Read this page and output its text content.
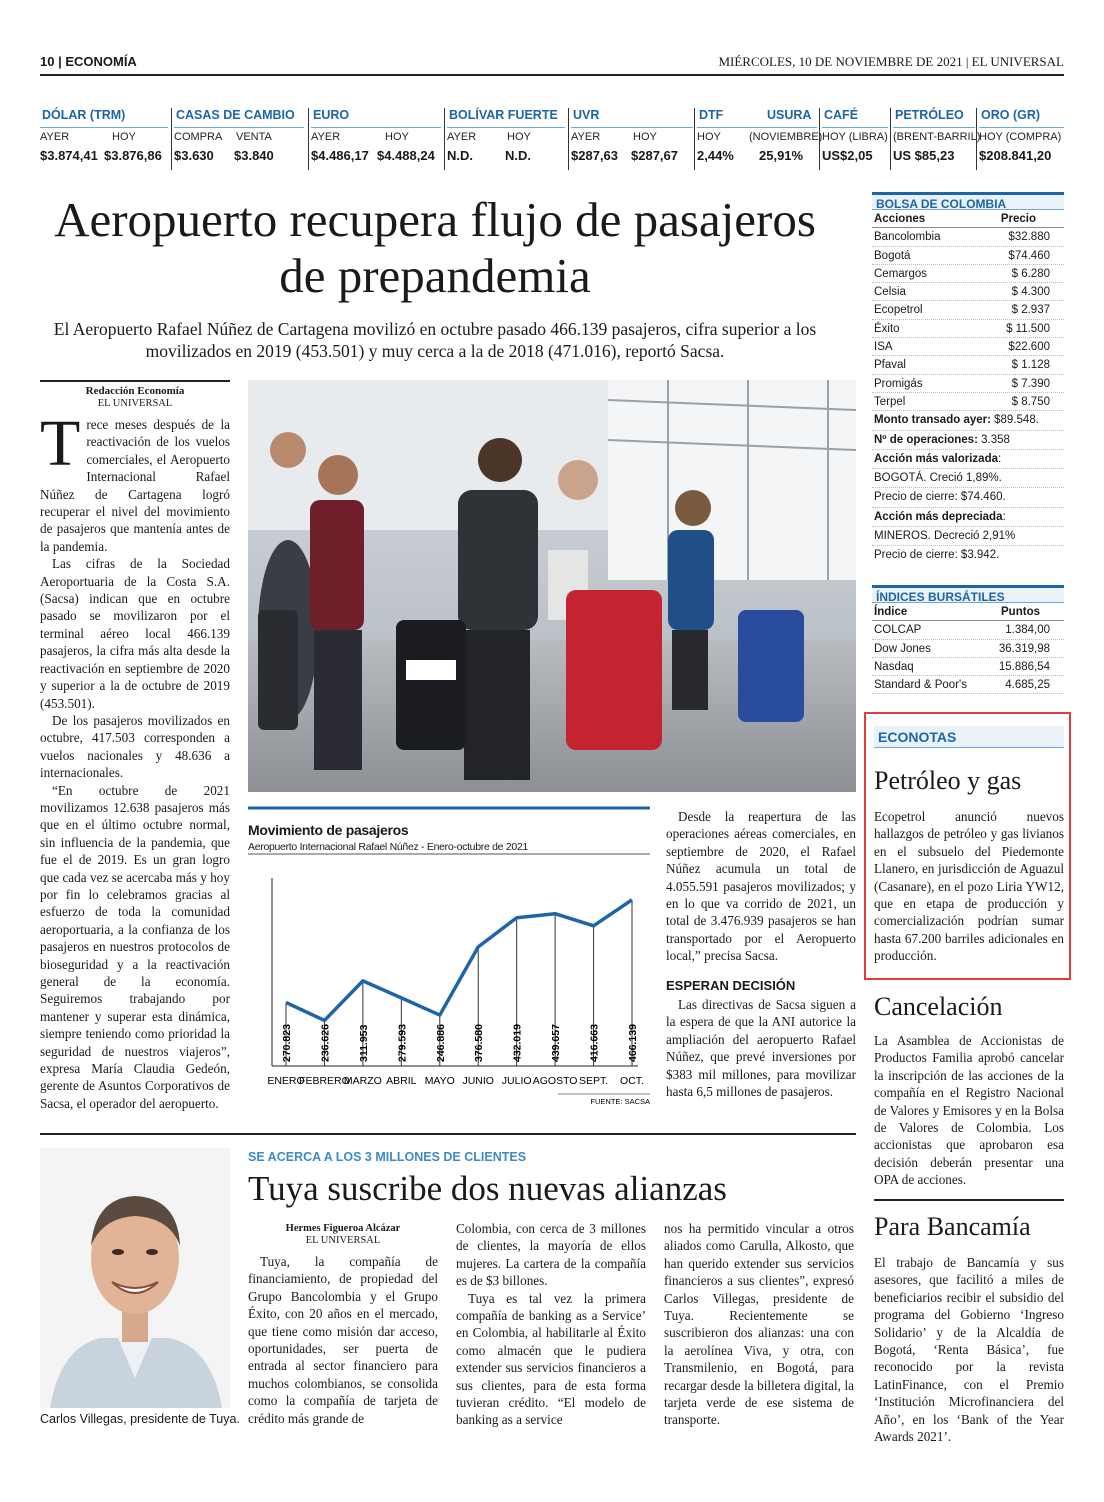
10 | ECONOMÍA	MIÉRCOLES, 10 DE NOVIEMBRE DE 2021 | EL UNIVERSAL
DÓLAR (TRM)
AYER	HOY
$3.874,41 $3.876,86
CASAS DE CAMBIO
COMPRA VENTA
$3.630 $3.840
EURO
AYER	HOY
$4.486,17 $4.488,24
BOLÍVAR FUERTE
AYER	HOY
N.D. N.D.
UVR
AYER	HOY
$287,63 $287,67
DTF
HOY
2,44%
USURA
(NOVIEMBRE)
25,91%
CAFÉ
HOY (LIBRA)
US$2,05
PETRÓLEO
(BRENT-BARRIL)
US $85,23
ORO (GR)
HOY (COMPRA)
$208.841,20
Aeropuerto recupera flujo de pasajeros de prepandemia
El Aeropuerto Rafael Núñez de Cartagena movilizó en octubre pasado 466.139 pasajeros, cifra superior a los movilizados en 2019 (453.501) y muy cerca a la de 2018 (471.016), reportó Sacsa.
Redacción Economía
EL UNIVERSAL

Trece meses después de la reactivación de los vuelos comerciales, el Aeropuerto Internacional Rafael Núñez de Cartagena logró recuperar el nivel del movimiento de pasajeros que mantenía antes de la pandemia.

Las cifras de la Sociedad Aeroportuaria de la Costa S.A. (Sacsa) indican que en octubre pasado se movilizaron por el terminal aéreo local 466.139 pasajeros, la cifra más alta desde la reactivación en septiembre de 2020 y superior a la de octubre de 2019 (453.501).

De los pasajeros movilizados en octubre, 417.503 corresponden a vuelos nacionales y 48.636 a internacionales.

“En octubre de 2021 movilizamos 12.638 pasajeros más que en el último octubre normal, sin influencia de la pandemia, que fue el de 2019. Es un gran logro que cada vez se acercaba más y hoy por fin lo celebramos gracias al esfuerzo de toda la comunidad aeroportuaria, a la confianza de los pasajeros en nuestros protocolos de bioseguridad y a la reactivación general de la economía. Seguiremos trabajando por mantener y superar esta dinámica, siempre teniendo como prioridad la seguridad de nuestros viajeros”, expresa María Claudia Gedeón, gerente de Asuntos Corporativos de Sacsa, el operador del aeropuerto.

270.823
ENERO
236.626
FEBRERO
311.953
MARZO
279.593
ABRIL
246.886
MAYO
376.580
JUNIO
432.019
JULIO
439.657
AGOSTO
416.663
SEPT.
466.139
OCT.
FUENTE: SACSA
Movimiento de pasajeros
Aeropuerto Internacional Rafael Núñez - Enero-octubre de 2021

Desde la reapertura de las operaciones aéreas comerciales, en septiembre de 2020, el Rafael Núñez acumula un total de 4.055.591 pasajeros movilizados; y en lo que va corrido de 2021, un total de 3.476.939 pasajeros se han transportado por el Aeropuerto local,” precisa Sacsa.

ESPERAN DECISIÓN

Las directivas de Sacsa siguen a la espera de que la ANI autorice la ampliación del aeropuerto Rafael Núñez, que prevé inversiones por $383 mil millones, para movilizar hasta 6,5 millones de pasajeros.

BOLSA DE COLOMBIA
Acciones	Precio
Bancolombia	$32.880
Bogotá	$74.460
Cemargos	$ 6.280
Celsia	$ 4.300
Ecopetrol	$ 2.937
Éxito	$ 11.500
ISA	$22.600
Pfaval	$ 1.128
Promigás	$ 7.390
Terpel	$ 8.750
Monto transado ayer: $89.548.
Nº de operaciones: 3.358
Acción más valorizada:
BOGOTÁ. Creció 1,89%.
Precio de cierre: $74.460.
Acción más depreciada:
MINEROS. Decreció 2,91%
Precio de cierre: $3.942.
ÍNDICES BURSÁTILES
Índice	Puntos
COLCAP	1.384,00
Dow Jones	36.319,98
Nasdaq	15.886,54
Standard & Poor's	4.685,25
ECONOTAS
Petróleo y gas
Ecopetrol anunció nuevos hallazgos de petróleo y gas livianos en el subsuelo del Piedemonte Llanero, en jurisdicción de Aguazul (Casanare), en el pozo Liria YW12, que en etapa de producción y comercialización podrían sumar hasta 67.200 barriles adicionales en producción.
Cancelación
La Asamblea de Accionistas de Productos Familia aprobó cancelar la inscripción de las acciones de la compañía en el Registro Nacional de Valores y Emisores y en la Bolsa de Valores de Colombia. Los accionistas que aprobaron esa decisión deberán presentar una OPA de acciones.
Para Bancamía
El trabajo de Bancamía y sus asesores, que facilitó a miles de beneficiarios recibir el subsidio del programa del Gobierno ‘Ingreso Solidario’ y de la Alcaldía de Bogotá, ‘Renta Básica’, fue reconocido por la revista LatinFinance, con el Premio ‘Institución Microfinanciera del Año’, en los ‘Bank of the Year Awards 2021’.
Carlos Villegas, presidente de Tuya.
SE ACERCA A LOS 3 MILLONES DE CLIENTES
Tuya suscribe dos nuevas alianzas
Hermes Figueroa Alcázar
EL UNIVERSAL

Tuya, la compañía de financiamiento, de propiedad del Grupo Bancolombia y el Grupo Éxito, con 20 años en el mercado, que tiene como misión dar acceso, oportunidades, ser puerta de entrada al sector financiero para muchos colombianos, se consolida como la compañía de tarjeta de crédito más grande de

Colombia, con cerca de 3 millones de clientes, la mayoría de ellos mujeres. La cartera de la compañía es de $3 billones.

Tuya es tal vez la primera compañía de banking as a Service’ en Colombia, al habilitarle al Éxito como almacén que le pudiera extender sus servicios financieros a sus clientes, para de esta forma tuvieran crédito. “El modelo de banking as a service

nos ha permitido vincular a otros aliados como Carulla, Alkosto, que han querido extender sus servicios financieros a sus clientes”, expresó Carlos Villegas, presidente de Tuya. Recientemente se suscribieron dos alianzas: una con la aerolínea Viva, y otra, con Transmilenio, en Bogotá, para recargar desde la billetera digital, la tarjeta verde de ese sistema de transporte.
